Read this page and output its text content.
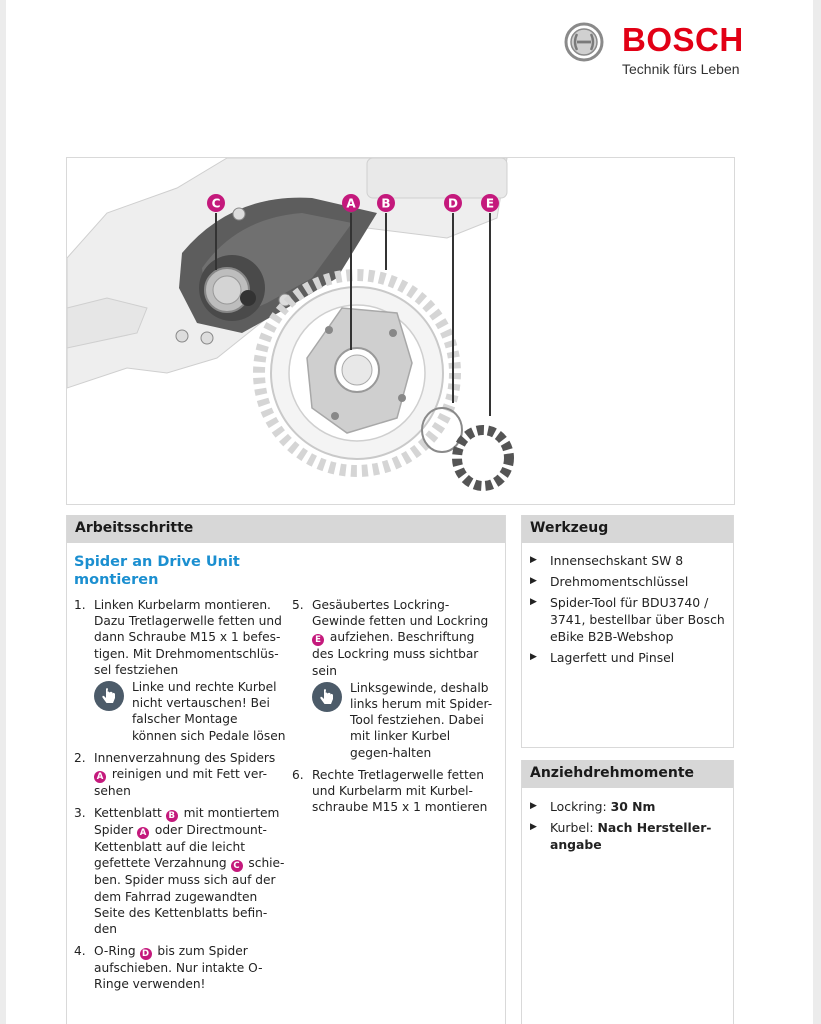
BOSCH
Technik fürs Leben
C	A B	D E
Arbeitsschritte
Spider an Drive Unit
montieren
1. Linken Kurbelarm montieren. Dazu Tretlagerwelle fetten und dann Schraube M15 x 1 befes-tigen. Mit Drehmomentschlüs-sel festziehen
Linke und rechte Kurbel nicht vertauschen! Bei falscher Montage können sich Pedale lösen
2. Innenverzahnung des Spiders A reinigen und mit Fett ver-sehen
3. Kettenblatt B mit montiertem Spider A oder Directmount-Kettenblatt auf die leicht gefettete Verzahnung C schie-ben. Spider muss sich auf der dem Fahrrad zugewandten Seite des Kettenblatts befin-den
4. O-Ring D bis zum Spider aufschieben. Nur intakte O-Ringe verwenden!
5. Gesäubertes Lockring-Gewinde fetten und Lockring E aufziehen. Beschriftung des Lockring muss sichtbar sein
Linksgewinde, deshalb links herum mit Spider-Tool festziehen. Dabei mit linker Kurbel gegen-halten
6. Rechte Tretlagerwelle fetten und Kurbelarm mit Kurbel-schraube M15 x 1 montieren
Werkzeug
▶ Innensechskant SW 8
▶ Drehmomentschlüssel
▶ Spider-Tool für BDU3740 / 3741, bestellbar über Bosch eBike B2B-Webshop
▶ Lagerfett und Pinsel
Anziehdrehmomente
▶ Lockring: 30 Nm
▶ Kurbel: Nach Hersteller-angabe
